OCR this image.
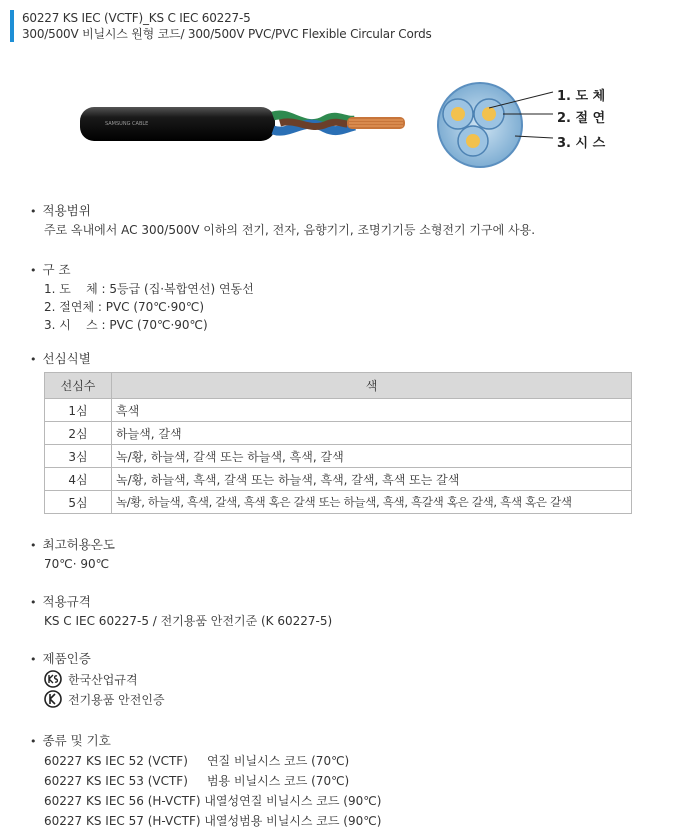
60227 KS IEC (VCTF)_KS C IEC 60227-5
300/500V 비닐시스 원형 코드/ 300/500V PVC/PVC Flexible Circular Cords
SAMSUNG CABLE
1. 도 체
2. 절 연
3. 시 스
• 적용범위
주로 옥내에서 AC 300/500V 이하의 전기, 전자, 음향기기, 조명기기등 소형전기 기구에 사용.
• 구 조
1. 도    체 : 5등급 (집·복합연선) 연동선
2. 절연체 : PVC (70℃·90℃)
3. 시    스 : PVC (70℃·90℃)
• 선심식별
선심수	색
1심	흑색
2심	하늘색, 갈색
3심	녹/황, 하늘색, 갈색 또는 하늘색, 흑색, 갈색
4심	녹/황, 하늘색, 흑색, 갈색 또는 하늘색, 흑색, 갈색, 흑색 또는 갈색
5심	녹/황, 하늘색, 흑색, 갈색, 흑색 혹은 갈색 또는 하늘색, 흑색, 흑갈색 혹은 갈색, 흑색 혹은 갈색
• 최고허용온도
70℃· 90℃
• 적용규격
KS C IEC 60227-5 / 전기용품 안전기준 (K 60227-5)
• 제품인증
한국산업규격
전기용품 안전인증
• 종류 및 기호
60227 KS IEC 52 (VCTF)     연질 비닐시스 코드 (70℃)
60227 KS IEC 53 (VCTF)     범용 비닐시스 코드 (70℃)
60227 KS IEC 56 (H-VCTF) 내열성연질 비닐시스 코드 (90℃)
60227 KS IEC 57 (H-VCTF) 내열성범용 비닐시스 코드 (90℃)
